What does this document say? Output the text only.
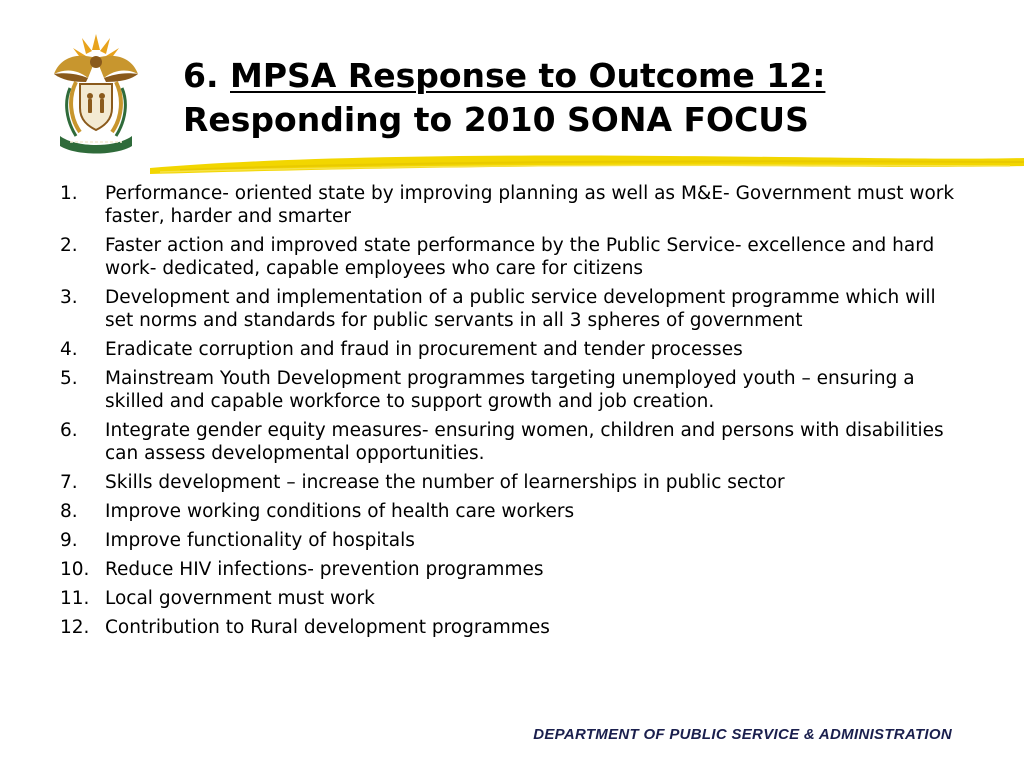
6. MPSA Response to Outcome 12:
Responding to 2010 SONA FOCUS
1. Performance- oriented state by improving planning as well as M&E- Government must work faster, harder and smarter
2. Faster action and improved state performance by the Public Service- excellence and hard work- dedicated, capable employees who care for citizens
3. Development and implementation of a public service development programme which will set norms and standards for public servants in all 3 spheres of government
4. Eradicate corruption and fraud in procurement and tender processes
5. Mainstream Youth Development programmes targeting unemployed youth – ensuring a skilled and capable workforce to support growth and job creation.
6. Integrate gender equity measures- ensuring women, children and persons with disabilities can assess developmental opportunities.
7. Skills development – increase the number of learnerships in public sector
8. Improve working conditions of health care workers
9. Improve functionality of hospitals
10. Reduce HIV infections- prevention programmes
11. Local government must work
12. Contribution to Rural development programmes
DEPARTMENT OF PUBLIC SERVICE & ADMINISTRATION
